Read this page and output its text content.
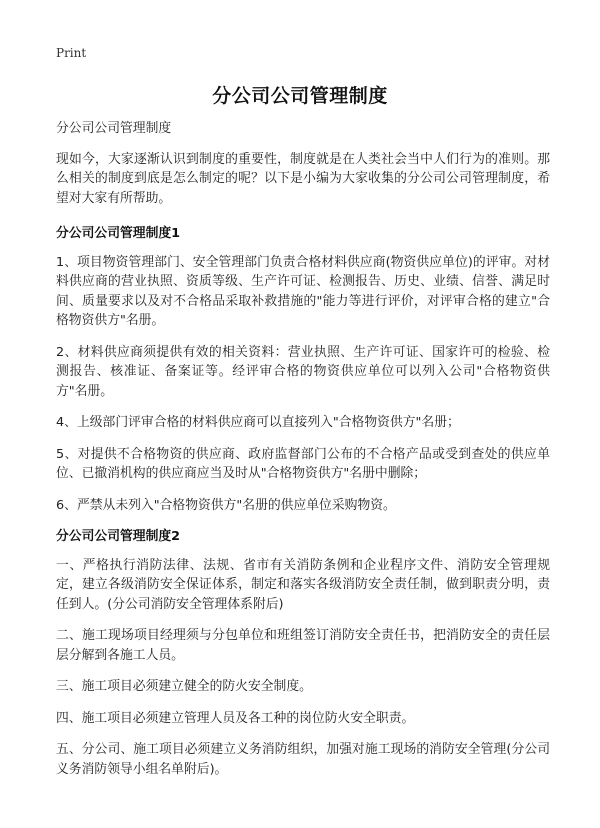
Print
分公司公司管理制度

分公司公司管理制度

现如今，大家逐渐认识到制度的重要性，制度就是在人类社会当中人们行为的准则。那么相关的制度到底是怎么制定的呢？以下是小编为大家收集的分公司公司管理制度，希望对大家有所帮助。

分公司公司管理制度1

1、项目物资管理部门、安全管理部门负责合格材料供应商(物资供应单位)的评审。对材料供应商的营业执照、资质等级、生产许可证、检测报告、历史、业绩、信誉、满足时间、质量要求以及对不合格品采取补救措施的"能力等进行评价，对评审合格的建立"合格物资供方"名册。

2、材料供应商须提供有效的相关资料：营业执照、生产许可证、国家许可的检验、检测报告、核准证、备案证等。经评审合格的物资供应单位可以列入公司"合格物资供方"名册。

4、上级部门评审合格的材料供应商可以直接列入"合格物资供方"名册；

5、对提供不合格物资的供应商、政府监督部门公布的不合格产品或受到查处的供应单位、已撤消机构的供应商应当及时从"合格物资供方"名册中删除；

6、严禁从未列入"合格物资供方"名册的供应单位采购物资。

分公司公司管理制度2

一、严格执行消防法律、法规、省市有关消防条例和企业程序文件、消防安全管理规定，建立各级消防安全保证体系，制定和落实各级消防安全责任制，做到职责分明，责任到人。(分公司消防安全管理体系附后)

二、施工现场项目经理须与分包单位和班组签订消防安全责任书，把消防安全的责任层层分解到各施工人员。

三、施工项目必须建立健全的防火安全制度。

四、施工项目必须建立管理人员及各工种的岗位防火安全职责。

五、分公司、施工项目必须建立义务消防组织，加强对施工现场的消防安全管理(分公司义务消防领导小组名单附后)。
